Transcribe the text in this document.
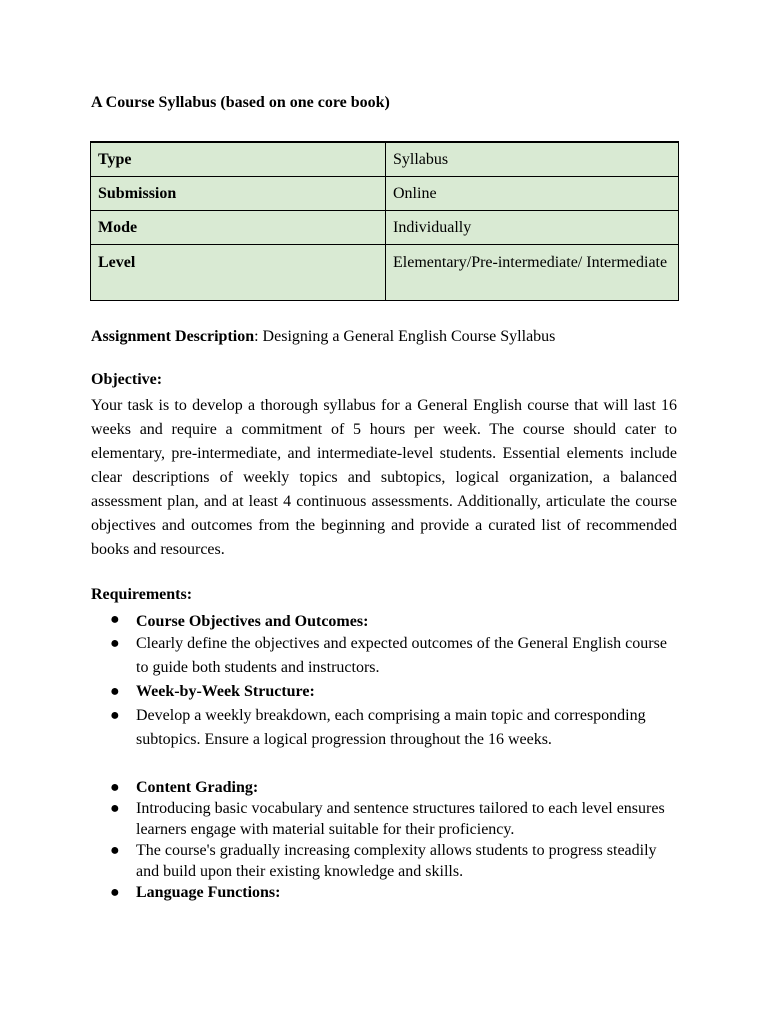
A Course Syllabus (based on one core book)
Type	Syllabus
Submission	Online
Mode	Individually
Level	Elementary/Pre-intermediate/ Intermediate
Assignment Description: Designing a General English Course Syllabus
Objective:
Your task is to develop a thorough syllabus for a General English course that will last 16 weeks and require a commitment of 5 hours per week. The course should cater to elementary, pre-intermediate, and intermediate-level students. Essential elements include clear descriptions of weekly topics and subtopics, logical organization, a balanced assessment plan, and at least 4 continuous assessments. Additionally, articulate the course objectives and outcomes from the beginning and provide a curated list of recommended books and resources.
Requirements:
● Course Objectives and Outcomes:
● Clearly define the objectives and expected outcomes of the General English course to guide both students and instructors.
● Week-by-Week Structure:
● Develop a weekly breakdown, each comprising a main topic and corresponding subtopics. Ensure a logical progression throughout the 16 weeks.
● Content Grading:
● Introducing basic vocabulary and sentence structures tailored to each level ensures learners engage with material suitable for their proficiency.
● The course's gradually increasing complexity allows students to progress steadily and build upon their existing knowledge and skills.
● Language Functions:
